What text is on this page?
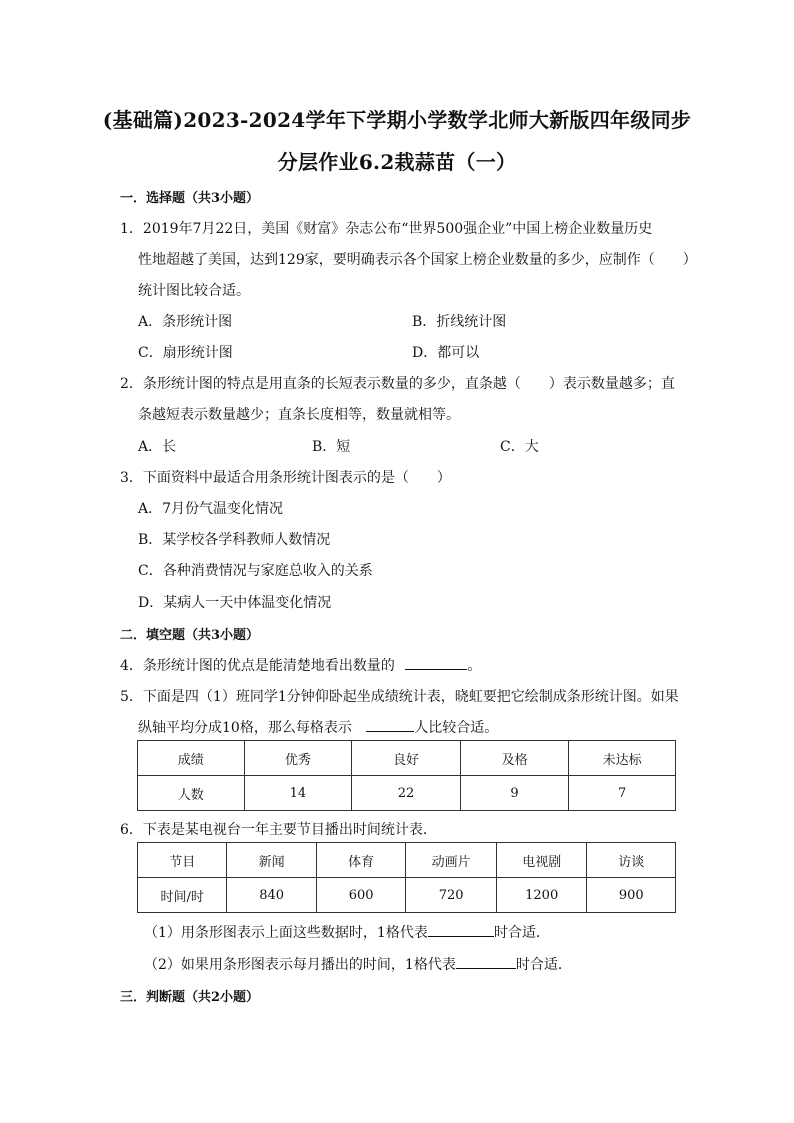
(基础篇)2023-2024学年下学期小学数学北师大新版四年级同步
分层作业6.2栽蒜苗（一）
一．选择题（共3小题）
1．2019年7月22日，美国《财富》杂志公布“世界500强企业”中国上榜企业数量历史
性地超越了美国，达到129家，要明确表示各个国家上榜企业数量的多少，应制作（　　）
统计图比较合适。
A．条形统计图	B．折线统计图
C．扇形统计图	D．都可以
2．条形统计图的特点是用直条的长短表示数量的多少，直条越（　　）表示数量越多；直
条越短表示数量越少；直条长度相等，数量就相等。
A．长	B．短	C．大
3．下面资料中最适合用条形统计图表示的是（　　）
A．7月份气温变化情况
B．某学校各学科教师人数情况
C．各种消费情况与家庭总收入的关系
D．某病人一天中体温变化情况
二．填空题（共3小题）
4．条形统计图的优点是能清楚地看出数量的	。
5．下面是四（1）班同学1分钟仰卧起坐成绩统计表，晓虹要把它绘制成条形统计图。如果
纵轴平均分成10格，那么每格表示	人比较合适。
成绩	优秀	良好	及格	未达标
人数	14	22	9	7
6．下表是某电视台一年主要节目播出时间统计表．
节目	新闻	体育	动画片	电视剧	访谈
时间/时	840	600	720	1200	900
（1）用条形图表示上面这些数据时，1格代表	时合适．
（2）如果用条形图表示每月播出的时间，1格代表	时合适．
三．判断题（共2小题）
